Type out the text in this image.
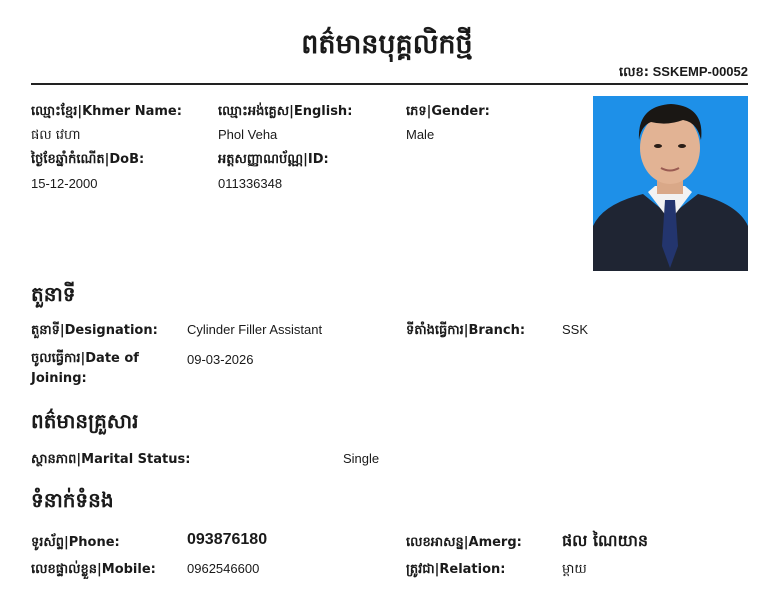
ពត៌មានបុគ្គលិកថ្មី
លេខ: SSKEMP-00052
ឈ្មោះខ្មែរ|Khmer Name:
ផល វេហា
ឈ្មោះអង់គ្លេស|English:
Phol Veha
ភេទ|Gender:
Male
ថ្ងៃខែឆ្នាំកំណើត|DoB:
15-12-2000
អត្តសញ្ញាណប័ណ្ណ|ID:
011336348
តួនាទី
តួនាទី|Designation: Cylinder Filler Assistant	ទីតាំងធ្វើការ|Branch:	SSK
ចូលធ្វើការ|Date of Joining:
09-03-2026
ពត៌មានគ្រួសារ
ស្ថានភាព|Marital Status:	Single
ទំនាក់ទំនង
ទូរស័ព្ទ|Phone:	093876180	លេខអាសន្ន|Amerg:	ផល ណៃយាន
លេខផ្ទាល់ខ្លួន|Mobile: 0962546600	ត្រូវជា|Relation:	ម្ដាយ
